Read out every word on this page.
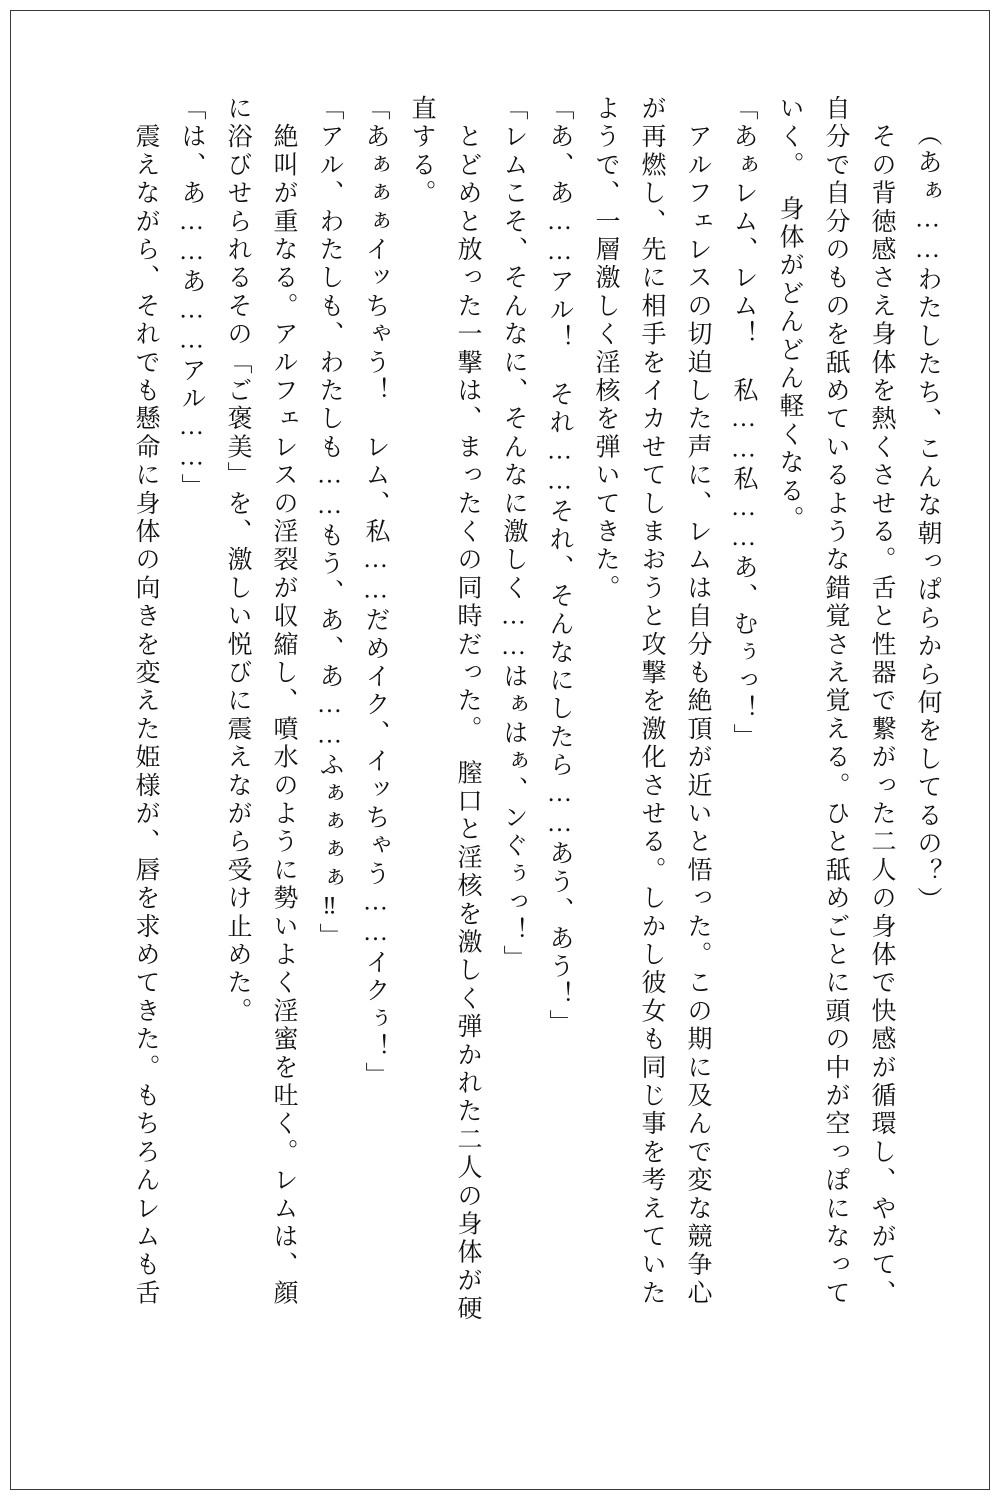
（あぁ……わたしたち、こんな朝っぱらから何をしてるの？）
　その背徳感さえ身体を熱くさせる。舌と性器で繋がった二人の身体で快感が循環し、やがて、
自分で自分のものを舐めているような錯覚さえ覚える。ひと舐めごとに頭の中が空っぽになって
いく。　身体がどんどん軽くなる。
「あぁレム、レム！　私……私……あ、むぅっ！」
　アルフェレスの切迫した声に、レムは自分も絶頂が近いと悟った。この期に及んで変な競争心
が再燃し、先に相手をイカせてしまおうと攻撃を激化させる。しかし彼女も同じ事を考えていた
ようで、一層激しく淫核を弾いてきた。
「あ、あ……アル！　それ……それ、そんなにしたら……あう、あう！」
「レムこそ、そんなに、そんなに激しく……はぁはぁ、ンぐぅっ！」
　とどめと放った一撃は、まったくの同時だった。　膣口と淫核を激しく弾かれた二人の身体が硬
直する。
「あぁぁぁイッちゃう！　レム、私……だめイク、イッちゃう……イクぅ！」
「アル、わたしも、わたしも……もう、あ、あ……ふぁぁぁぁ‼」
　絶叫が重なる。アルフェレスの淫裂が収縮し、噴水のように勢いよく淫蜜を吐く。レムは、顔
に浴びせられるその「ご褒美」を、激しい悦びに震えながら受け止めた。
「は、あ……あ……アル……」
　震えながら、それでも懸命に身体の向きを変えた姫様が、唇を求めてきた。もちろんレムも舌
